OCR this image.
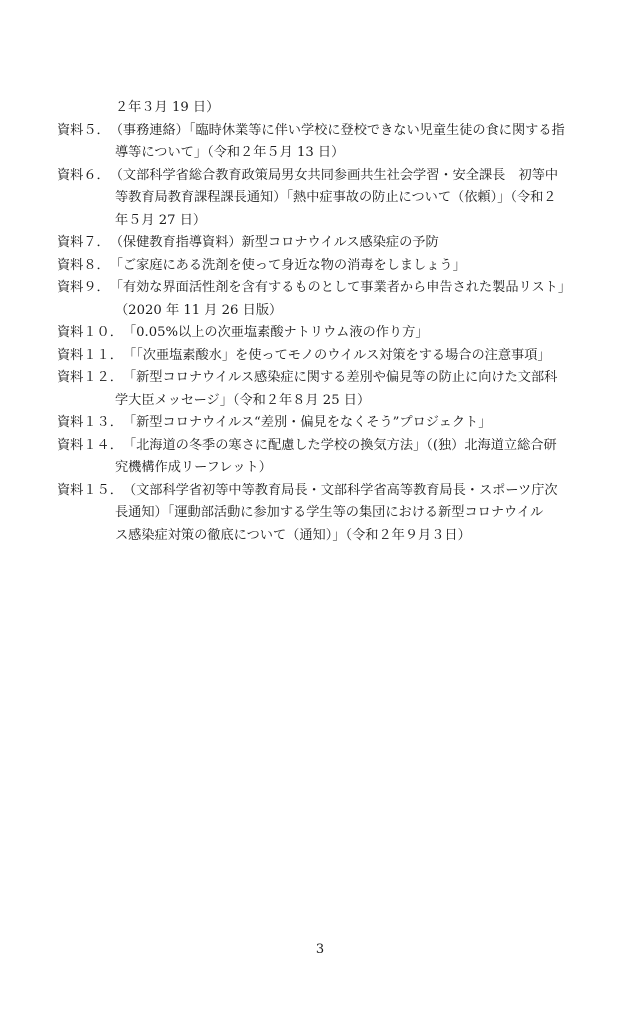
２年３月 19 日）
資料５． （事務連絡）「臨時休業等に伴い学校に登校できない児童生徒の食に関する指
導等について」（令和２年５月 13 日）
資料６． （文部科学省総合教育政策局男女共同参画共生社会学習・安全課長　初等中
等教育局教育課程課長通知）「熱中症事故の防止について（依頼）」（令和２
年５月 27 日）
資料７． （保健教育指導資料）新型コロナウイルス感染症の予防
資料８． 「ご家庭にある洗剤を使って身近な物の消毒をしましょう」
資料９． 「有効な界面活性剤を含有するものとして事業者から申告された製品リスト」
（2020 年 11 月 26 日版）
資料１０． 「0.05%以上の次亜塩素酸ナトリウム液の作り方」
資料１１． 「「次亜塩素酸水」を使ってモノのウイルス対策をする場合の注意事項」
資料１２． 「新型コロナウイルス感染症に関する差別や偏見等の防止に向けた文部科
学大臣メッセージ」（令和２年８月 25 日）
資料１３． 「新型コロナウイルス“差別・偏見をなくそう”プロジェクト」
資料１４． 「北海道の冬季の寒さに配慮した学校の換気方法」（(独）北海道立総合研
究機構作成リーフレット）
資料１５． （文部科学省初等中等教育局長・文部科学省高等教育局長・スポーツ庁次
長通知）「運動部活動に参加する学生等の集団における新型コロナウイル
ス感染症対策の徹底について（通知）」（令和２年９月３日）
3
